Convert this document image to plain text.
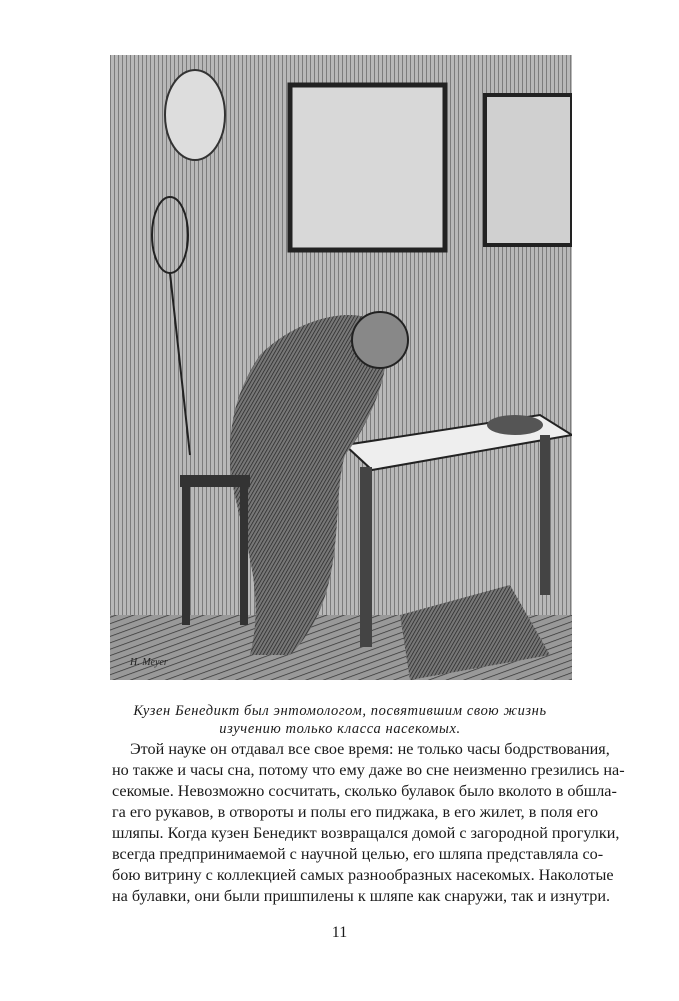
H. Meyer
Кузен Бенедикт был энтомологом, посвятившим свою жизнь
изучению только класса насекомых.
Этой науке он отдавал все свое время: не только часы бодрствования,
но также и часы сна, потому что ему даже во сне неизменно грезились на-
секомые. Невозможно сосчитать, сколько булавок было вколото в обшла-
га его рукавов, в отвороты и полы его пиджака, в его жилет, в поля его
шляпы. Когда кузен Бенедикт возвращался домой с загородной прогулки,
всегда предпринимаемой с научной целью, его шляпа представляла со-
бою витрину с коллекцией самых разнообразных насекомых. Наколотые
на булавки, они были пришпилены к шляпе как снаружи, так и изнутри.
11
